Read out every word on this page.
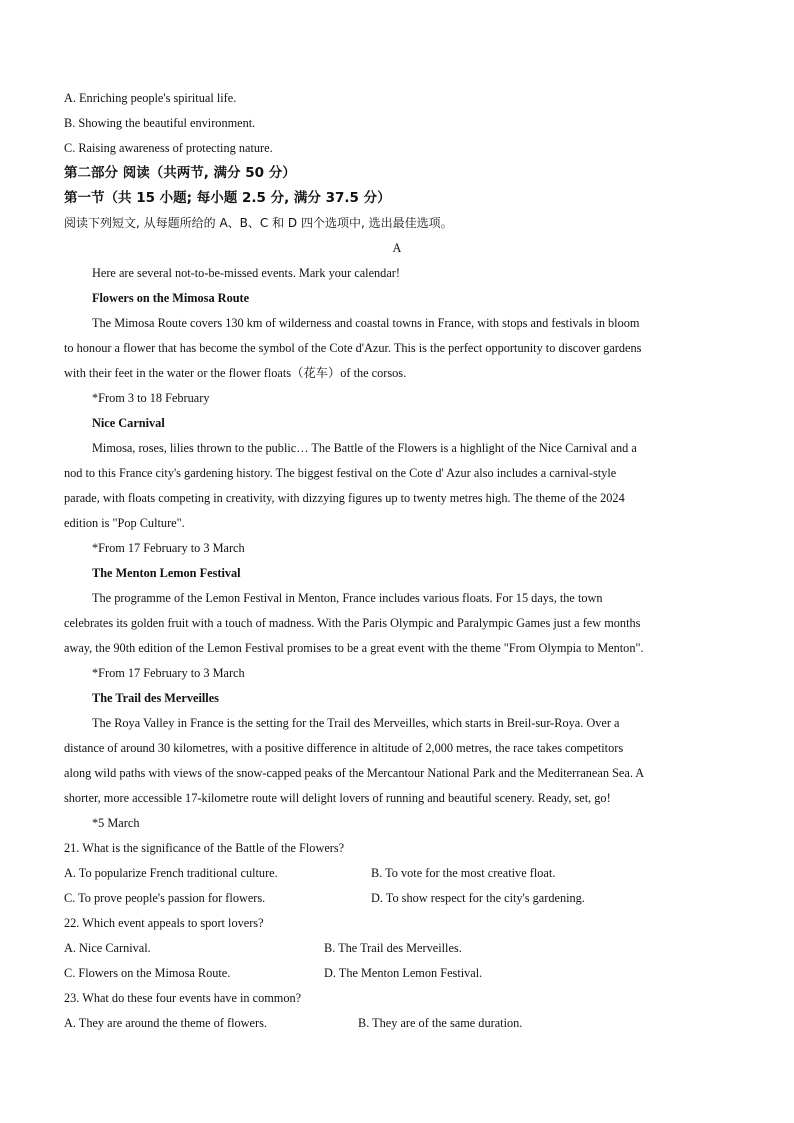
A. Enriching people's spiritual life.
B. Showing the beautiful environment.
C. Raising awareness of protecting nature.
第二部分 阅读（共两节, 满分 50 分）
第一节（共 15 小题; 每小题 2.5 分, 满分 37.5 分）
阅读下列短文, 从每题所给的 A、B、C 和 D 四个选项中, 选出最佳选项。
A
Here are several not-to-be-missed events. Mark your calendar!
Flowers on the Mimosa Route
The Mimosa Route covers 130 km of wilderness and coastal towns in France, with stops and festivals in bloom
to honour a flower that has become the symbol of the Cote d'Azur. This is the perfect opportunity to discover gardens
with their feet in the water or the flower floats（花车）of the corsos.
*From 3 to 18 February
Nice Carnival
Mimosa, roses, lilies thrown to the public… The Battle of the Flowers is a highlight of the Nice Carnival and a
nod to this France city's gardening history. The biggest festival on the Cote d' Azur also includes a carnival-style
parade, with floats competing in creativity, with dizzying figures up to twenty metres high. The theme of the 2024
edition is "Pop Culture".
*From 17 February to 3 March
The Menton Lemon Festival
The programme of the Lemon Festival in Menton, France includes various floats. For 15 days, the town
celebrates its golden fruit with a touch of madness. With the Paris Olympic and Paralympic Games just a few months
away, the 90th edition of the Lemon Festival promises to be a great event with the theme "From Olympia to Menton".
*From 17 February to 3 March
The Trail des Merveilles
The Roya Valley in France is the setting for the Trail des Merveilles, which starts in Breil-sur-Roya. Over a
distance of around 30 kilometres, with a positive difference in altitude of 2,000 metres, the race takes competitors
along wild paths with views of the snow-capped peaks of the Mercantour National Park and the Mediterranean Sea. A
shorter, more accessible 17-kilometre route will delight lovers of running and beautiful scenery. Ready, set, go!
*5 March
21. What is the significance of the Battle of the Flowers?
A. To popularize French traditional culture.	B. To vote for the most creative float.
C. To prove people's passion for flowers.	D. To show respect for the city's gardening.
22. Which event appeals to sport lovers?
A. Nice Carnival.	B. The Trail des Merveilles.
C. Flowers on the Mimosa Route.	D. The Menton Lemon Festival.
23. What do these four events have in common?
A. They are around the theme of flowers.	B. They are of the same duration.
